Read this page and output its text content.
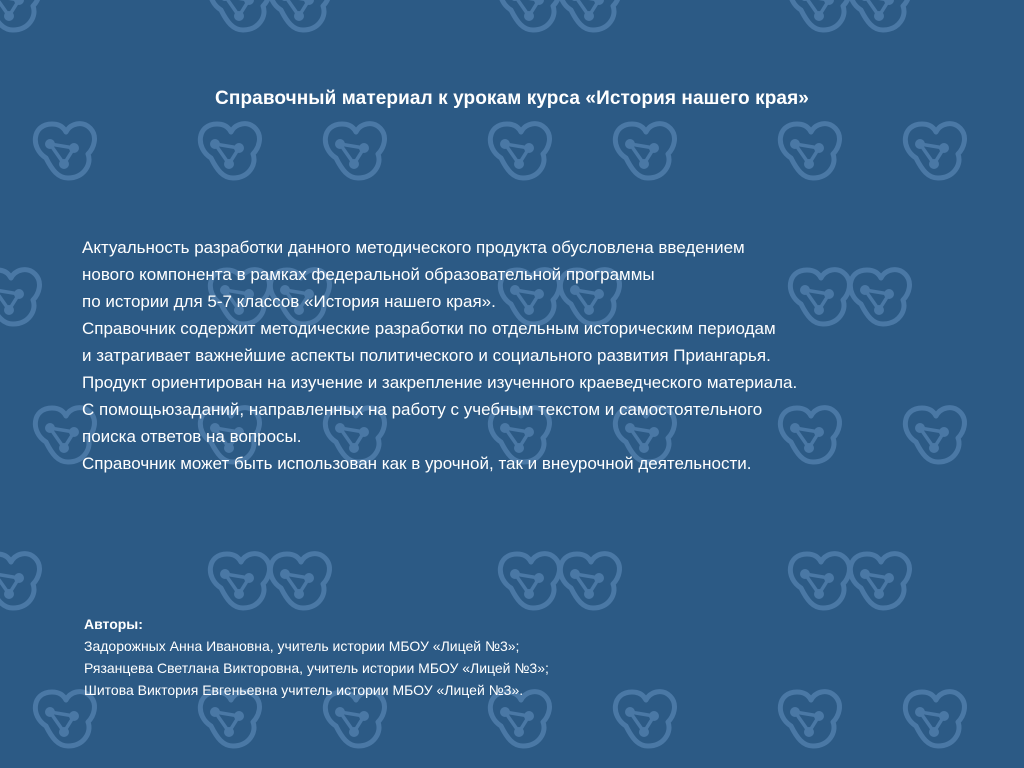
Справочный материал к урокам курса «История нашего края»
Актуальность разработки данного методического продукта обусловлена введением
нового компонента в рамках федеральной образовательной программы
по истории для 5-7 классов «История нашего края».
Справочник содержит методические разработки по отдельным историческим периодам
и затрагивает важнейшие аспекты политического и социального развития Приангарья.
Продукт ориентирован на изучение и закрепление изученного краеведческого материала.
С помощьюзаданий, направленных на работу с учебным текстом и самостоятельного
поиска ответов на вопросы.
Справочник может быть использован как в урочной, так и внеурочной деятельности.
Авторы:
Задорожных Анна Ивановна, учитель истории МБОУ «Лицей №3»;
Рязанцева Светлана Викторовна, учитель истории МБОУ «Лицей №3»;
Шитова Виктория Евгеньевна учитель истории МБОУ «Лицей №3».
